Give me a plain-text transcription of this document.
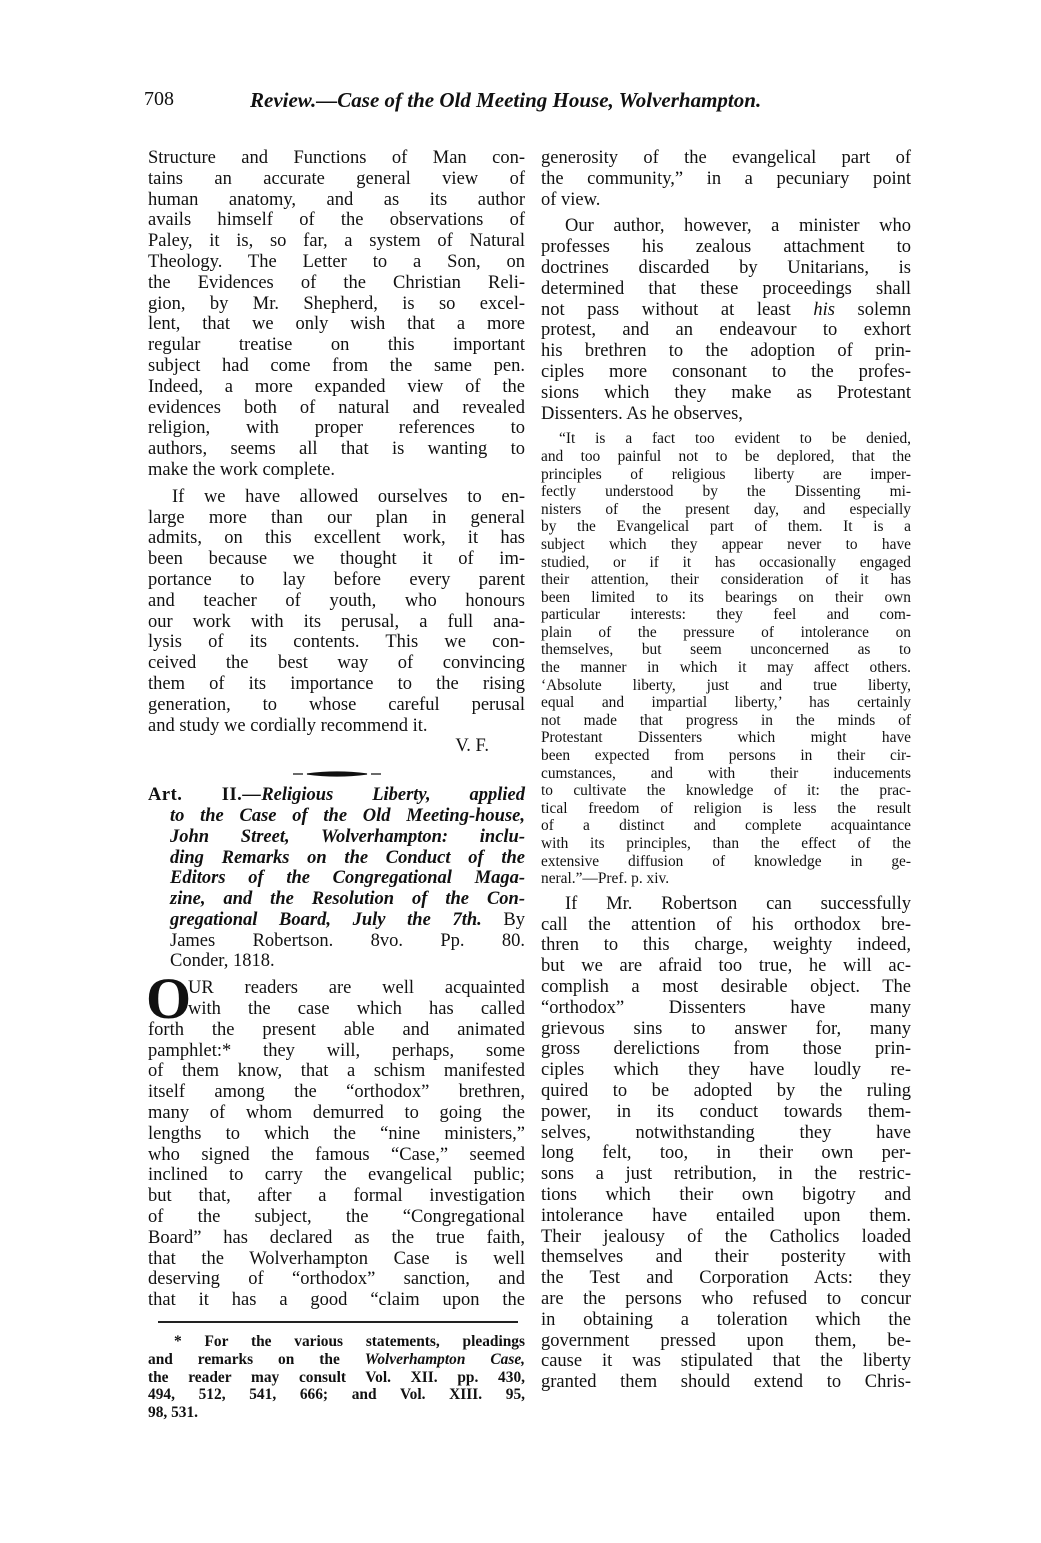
708	Review.—Case of the Old Meeting House, Wolverhampton.
Structure and Functions of Man con-
tains an accurate general view of
human anatomy, and as its author
avails himself of the observations of
Paley, it is, so far, a system of Natural
Theology. The Letter to a Son, on
the Evidences of the Christian Reli-
gion, by Mr. Shepherd, is so excel-
lent, that we only wish that a more
regular treatise on this important
subject had come from the same pen.
Indeed, a more expanded view of the
evidences both of natural and revealed
religion, with proper references to
authors, seems all that is wanting to
make the work complete.
If we have allowed ourselves to en-
large more than our plan in general
admits, on this excellent work, it has
been because we thought it of im-
portance to lay before every parent
and teacher of youth, who honours
our work with its perusal, a full ana-
lysis of its contents. This we con-
ceived the best way of convincing
them of its importance to the rising
generation, to whose careful perusal
and study we cordially recommend it.
V. F.
Art. II.—Religious Liberty, applied
to the Case of the Old Meeting-house,
John Street, Wolverhampton: inclu-
ding Remarks on the Conduct of the
Editors of the Congregational Maga-
zine, and the Resolution of the Con-
gregational Board, July the 7th. By
James Robertson. 8vo. Pp. 80.
Conder, 1818.
O
UR readers are well acquainted
with the case which has called
forth the present able and animated
pamphlet:* they will, perhaps, some
of them know, that a schism manifested
itself among the “orthodox” brethren,
many of whom demurred to going the
lengths to which the “nine ministers,”
who signed the famous “Case,” seemed
inclined to carry the evangelical public;
but that, after a formal investigation
of the subject, the “Congregational
Board” has declared as the true faith,
that the Wolverhampton Case is well
deserving of “orthodox” sanction, and
that it has a good “claim upon the
* For the various statements, pleadings
and remarks on the Wolverhampton Case,
the reader may consult Vol. XII. pp. 430,
494, 512, 541, 666; and Vol. XIII. 95,
98, 531.
generosity of the evangelical part of
the community,” in a pecuniary point
of view.
Our author, however, a minister who
professes his zealous attachment to
doctrines discarded by Unitarians, is
determined that these proceedings shall
not pass without at least his solemn
protest, and an endeavour to exhort
his brethren to the adoption of prin-
ciples more consonant to the profes-
sions which they make as Protestant
Dissenters. As he observes,
“It is a fact too evident to be denied,
and too painful not to be deplored, that the
principles of religious liberty are imper-
fectly understood by the Dissenting mi-
nisters of the present day, and especially
by the Evangelical part of them. It is a
subject which they appear never to have
studied, or if it has occasionally engaged
their attention, their consideration of it has
been limited to its bearings on their own
particular interests: they feel and com-
plain of the pressure of intolerance on
themselves, but seem unconcerned as to
the manner in which it may affect others.
‘Absolute liberty, just and true liberty,
equal and impartial liberty,’ has certainly
not made that progress in the minds of
Protestant Dissenters which might have
been expected from persons in their cir-
cumstances, and with their inducements
to cultivate the knowledge of it: the prac-
tical freedom of religion is less the result
of a distinct and complete acquaintance
with its principles, than the effect of the
extensive diffusion of knowledge in ge-
neral.”—Pref. p. xiv.
If Mr. Robertson can successfully
call the attention of his orthodox bre-
thren to this charge, weighty indeed,
but we are afraid too true, he will ac-
complish a most desirable object. The
“orthodox” Dissenters have many
grievous sins to answer for, many
gross derelictions from those prin-
ciples which they have loudly re-
quired to be adopted by the ruling
power, in its conduct towards them-
selves, notwithstanding they have
long felt, too, in their own per-
sons a just retribution, in the restric-
tions which their own bigotry and
intolerance have entailed upon them.
Their jealousy of the Catholics loaded
themselves and their posterity with
the Test and Corporation Acts: they
are the persons who refused to concur
in obtaining a toleration which the
government pressed upon them, be-
cause it was stipulated that the liberty
granted them should extend to Chris-
